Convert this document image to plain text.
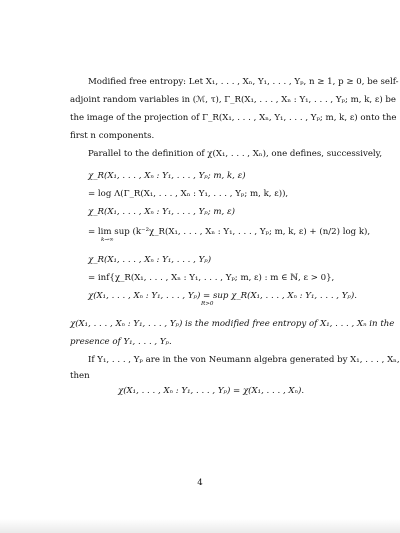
Modified free entropy: Let X₁, . . . , Xₙ, Y₁, . . . , Yₚ, n ≥ 1, p ≥ 0, be self-

adjoint random variables in (ℳ, τ), Γ_R(X₁, . . . , Xₙ : Y₁, . . . , Yₚ; m, k, ε) be

the image of the projection of Γ_R(X₁, . . . , Xₙ, Y₁, . . . , Yₚ; m, k, ε) onto the

first n components.

Parallel to the definition of χ(X₁, . . . , Xₙ), one defines, successively,

χ_R(X₁, . . . , Xₙ : Y₁, . . . , Yₚ; m, k, ε)
= log Λ(Γ_R(X₁, . . . , Xₙ : Y₁, . . . , Yₚ; m, k, ε)),
χ_R(X₁, . . . , Xₙ : Y₁, . . . , Yₚ; m, ε)
= lim sup (k⁻²χ_R(X₁, . . . , Xₙ : Y₁, . . . , Yₚ; m, k, ε) + (n/2) log k),
k→∞
χ_R(X₁, . . . , Xₙ : Y₁, . . . , Yₚ)
= inf{χ_R(X₁, . . . , Xₙ : Y₁, . . . , Yₚ; m, ε) : m ∈ ℕ, ε > 0},
χ(X₁, . . . , Xₙ : Y₁, . . . , Yₚ) = sup χ_R(X₁, . . . , Xₙ : Y₁, . . . , Yₚ).
R>0

χ(X₁, . . . , Xₙ : Y₁, . . . , Yₚ) is the modified free entropy of X₁, . . . , Xₙ in the

presence of Y₁, . . . , Yₚ.

If Y₁, . . . , Yₚ are in the von Neumann algebra generated by X₁, . . . , Xₙ,

then

χ(X₁, . . . , Xₙ : Y₁, . . . , Yₚ) = χ(X₁, . . . , Xₙ).
4
